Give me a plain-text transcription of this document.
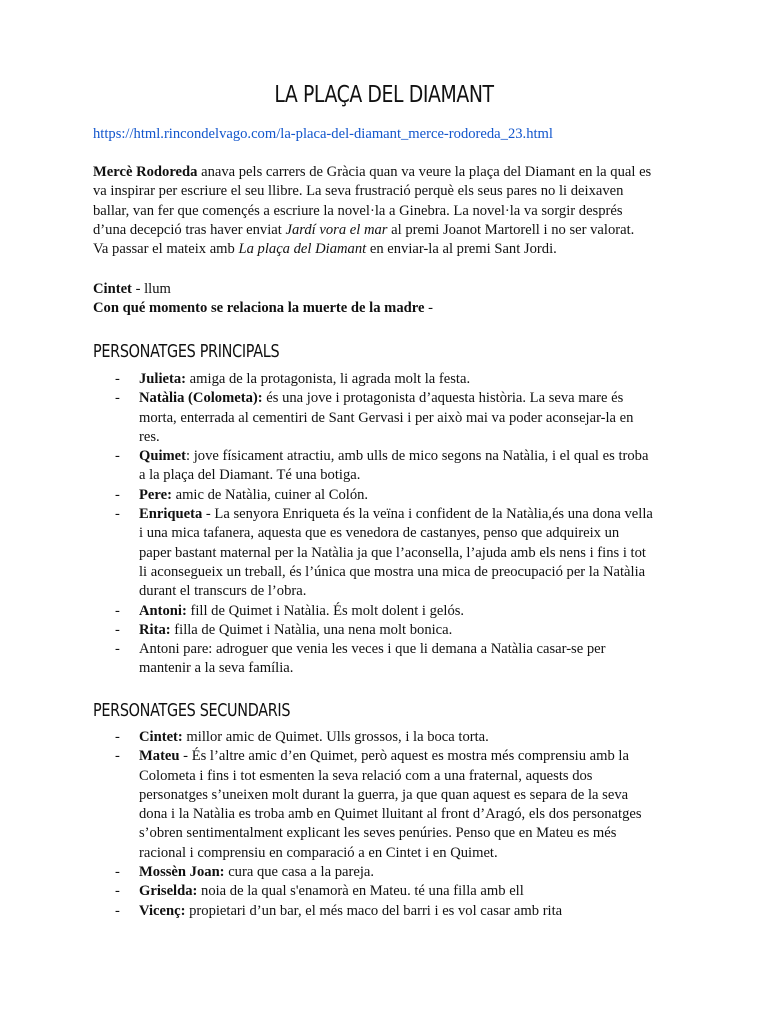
LA PLAÇA DEL DIAMANT
https://html.rincondelvago.com/la-placa-del-diamant_merce-rodoreda_23.html

Mercè Rodoreda anava pels carrers de Gràcia quan va veure la plaça del Diamant en la qual es va inspirar per escriure el seu llibre. La seva frustració perquè els seus pares no li deixaven ballar, van fer que començés a escriure la novel·la a Ginebra. La novel·la va sorgir després d’una decepció tras haver enviat Jardí vora el mar al premi Joanot Martorell i no ser valorat. Va passar el mateix amb La plaça del Diamant en enviar-la al premi Sant Jordi.

Cintet - llum
Con qué momento se relaciona la muerte de la madre -
PERSONATGES PRINCIPALS
- Julieta: amiga de la protagonista, li agrada molt la festa.
- Natàlia (Colometa): és una jove i protagonista d’aquesta història. La seva mare és morta, enterrada al cementiri de Sant Gervasi i per això mai va poder aconsejar-la en res.
- Quimet: jove físicament atractiu, amb ulls de mico segons na Natàlia, i el qual es troba a la plaça del Diamant. Té una botiga.
- Pere: amic de Natàlia, cuiner al Colón.
- Enriqueta - La senyora Enriqueta és la veïna i confident de la Natàlia,és una dona vella i una mica tafanera, aquesta que es venedora de castanyes, penso que adquireix un paper bastant maternal per la Natàlia ja que l’aconsella, l’ajuda amb els nens i fins i tot li aconsegueix un treball, és l’única que mostra una mica de preocupació per la Natàlia durant el transcurs de l’obra.
- Antoni: fill de Quimet i Natàlia. És molt dolent i gelós.
- Rita: filla de Quimet i Natàlia, una nena molt bonica.
- Antoni pare: adroguer que venia les veces i que li demana a Natàlia casar-se per mantenir a la seva família.
PERSONATGES SECUNDARIS
- Cintet: millor amic de Quimet. Ulls grossos, i la boca torta.
- Mateu - És l’altre amic d’en Quimet, però aquest es mostra més comprensiu amb la Colometa i fins i tot esmenten la seva relació com a una fraternal, aquests dos personatges s’uneixen molt durant la guerra, ja que quan aquest es separa de la seva dona i la Natàlia es troba amb en Quimet lluitant al front d’Aragó, els dos personatges s’obren sentimentalment explicant les seves penúries. Penso que en Mateu es més racional i comprensiu en comparació a en Cintet i en Quimet.
- Mossèn Joan: cura que casa a la pareja.
- Griselda: noia de la qual s'enamorà en Mateu. té una filla amb ell
- Vicenç: propietari d’un bar, el més maco del barri i es vol casar amb rita
